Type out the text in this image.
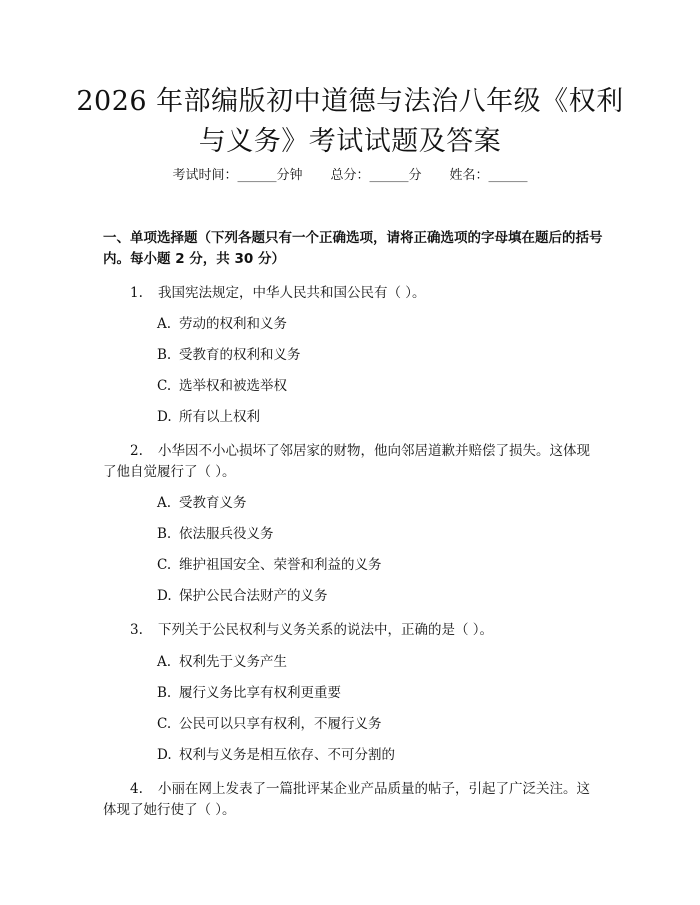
2026 年部编版初中道德与法治八年级《权利
与义务》考试试题及答案
考试时间：______分钟 总分：______分 姓名：______
一、单项选择题（下列各题只有一个正确选项，请将正确选项的字母填在题后的括号内。每小题 2 分，共 30 分）
1. 我国宪法规定，中华人民共和国公民有（ ）。
A. 劳动的权利和义务
B. 受教育的权利和义务
C. 选举权和被选举权
D. 所有以上权利
2. 小华因不小心损坏了邻居家的财物，他向邻居道歉并赔偿了损失。这体现了他自觉履行了（ ）。
A. 受教育义务
B. 依法服兵役义务
C. 维护祖国安全、荣誉和利益的义务
D. 保护公民合法财产的义务
3. 下列关于公民权利与义务关系的说法中，正确的是（ ）。
A. 权利先于义务产生
B. 履行义务比享有权利更重要
C. 公民可以只享有权利，不履行义务
D. 权利与义务是相互依存、不可分割的
4. 小丽在网上发表了一篇批评某企业产品质量的帖子，引起了广泛关注。这体现了她行使了（ ）。
